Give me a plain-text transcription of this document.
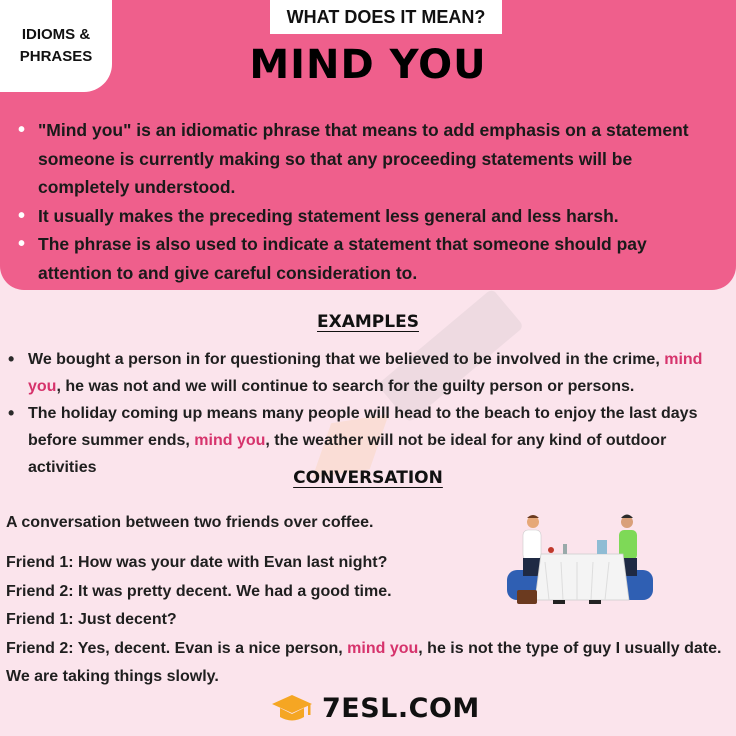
IDIOMS &
PHRASES
WHAT DOES IT MEAN?
MIND YOU
• "Mind you" is an idiomatic phrase that means to add emphasis on a statement someone is currently making so that any proceeding statements will be completely understood.
• It usually makes the preceding statement less general and less harsh.
• The phrase is also used to indicate a statement that someone should pay attention to and give careful consideration to.
EXAMPLES
• We bought a person in for questioning that we believed to be involved in the crime, mind you, he was not and we will continue to search for the guilty person or persons.
• The holiday coming up means many people will head to the beach to enjoy the last days before summer ends, mind you, the weather will not be ideal for any kind of outdoor activities
CONVERSATION
A conversation between two friends over coffee.

Friend 1: How was your date with Evan last night?

Friend 2: It was pretty decent. We had a good time.

Friend 1: Just decent?

Friend 2: Yes, decent. Evan is a nice person, mind you, he is not the type of guy I usually date. We are taking things slowly.

7ESL.COM
